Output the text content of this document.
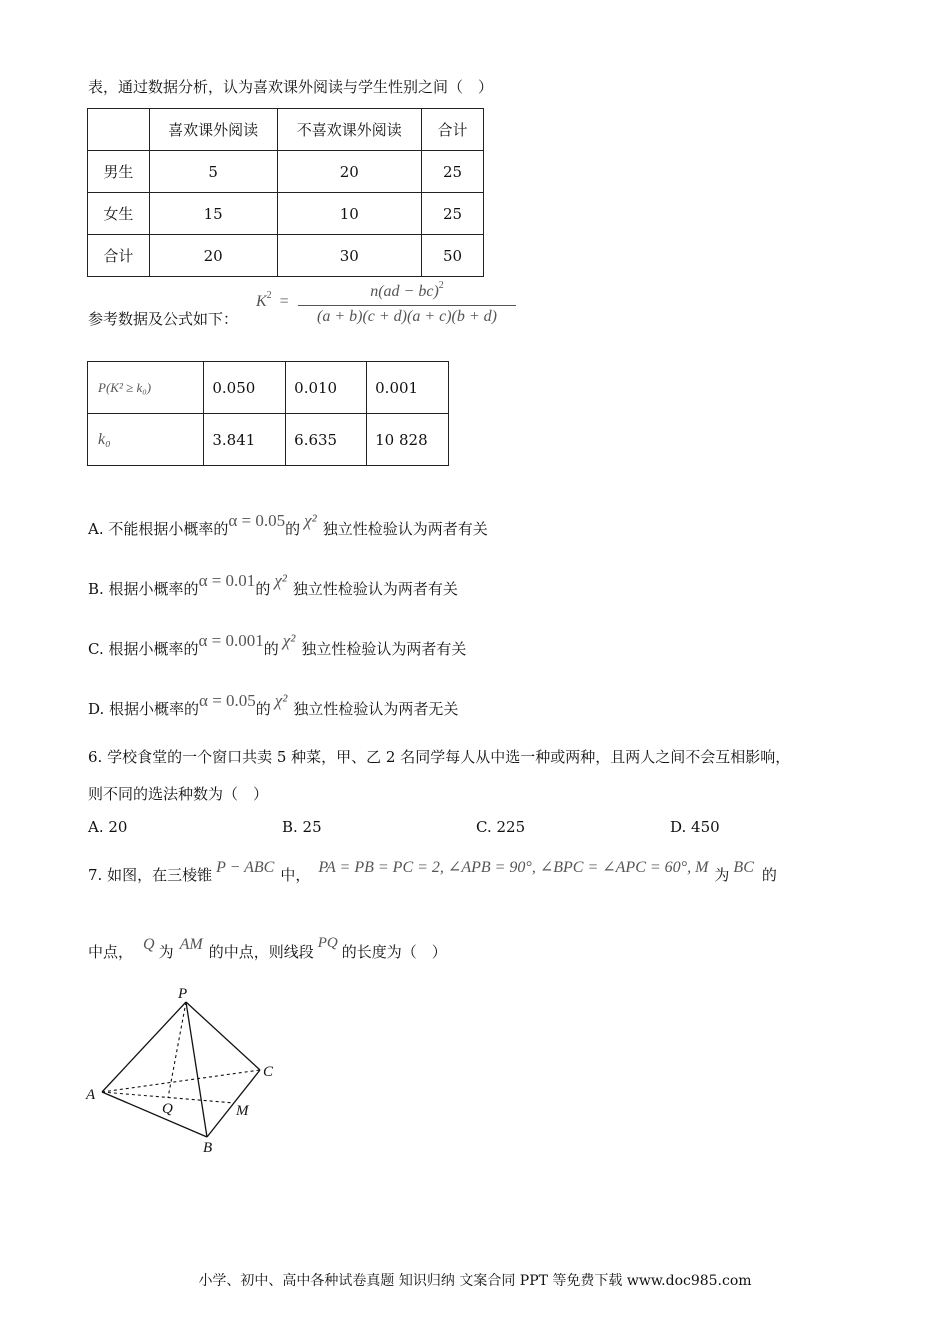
表，通过数据分析，认为喜欢课外阅读与学生性别之间（　）
	喜欢课外阅读	不喜欢课外阅读	合计
男生	5	20	25
女生	15	10	25
合计	20	30	50
参考数据及公式如下：
$K^2$ =
n(ad − bc)$^2$
(a + b)(c + d)(a + c)(b + d)
P(K² ≥ k₀)	0.050	0.010	0.001
k₀	3.841	6.635	10 828
A. 不能根据小概率的α = 0.05的 χ² 独立性检验认为两者有关
B. 根据小概率的α = 0.01的 χ² 独立性检验认为两者有关
C. 根据小概率的α = 0.001的 χ² 独立性检验认为两者有关
D. 根据小概率的α = 0.05的 χ² 独立性检验认为两者无关
6. 学校食堂的一个窗口共卖 5 种菜，甲、乙 2 名同学每人从中选一种或两种，且两人之间不会互相影响，
则不同的选法种数为（　）
A. 20	B. 25	C. 225	D. 450
7. 如图，在三棱锥 P − ABC 中， PA = PB = PC = 2, ∠APB = 90°, ∠BPC = ∠APC = 60°, M 为 BC 的
中点， Q 为 AM 的中点，则线段 PQ 的长度为（　）
P
A
B
C
Q	M
小学、初中、高中各种试卷真题 知识归纳 文案合同 PPT 等免费下载 www.doc985.com
